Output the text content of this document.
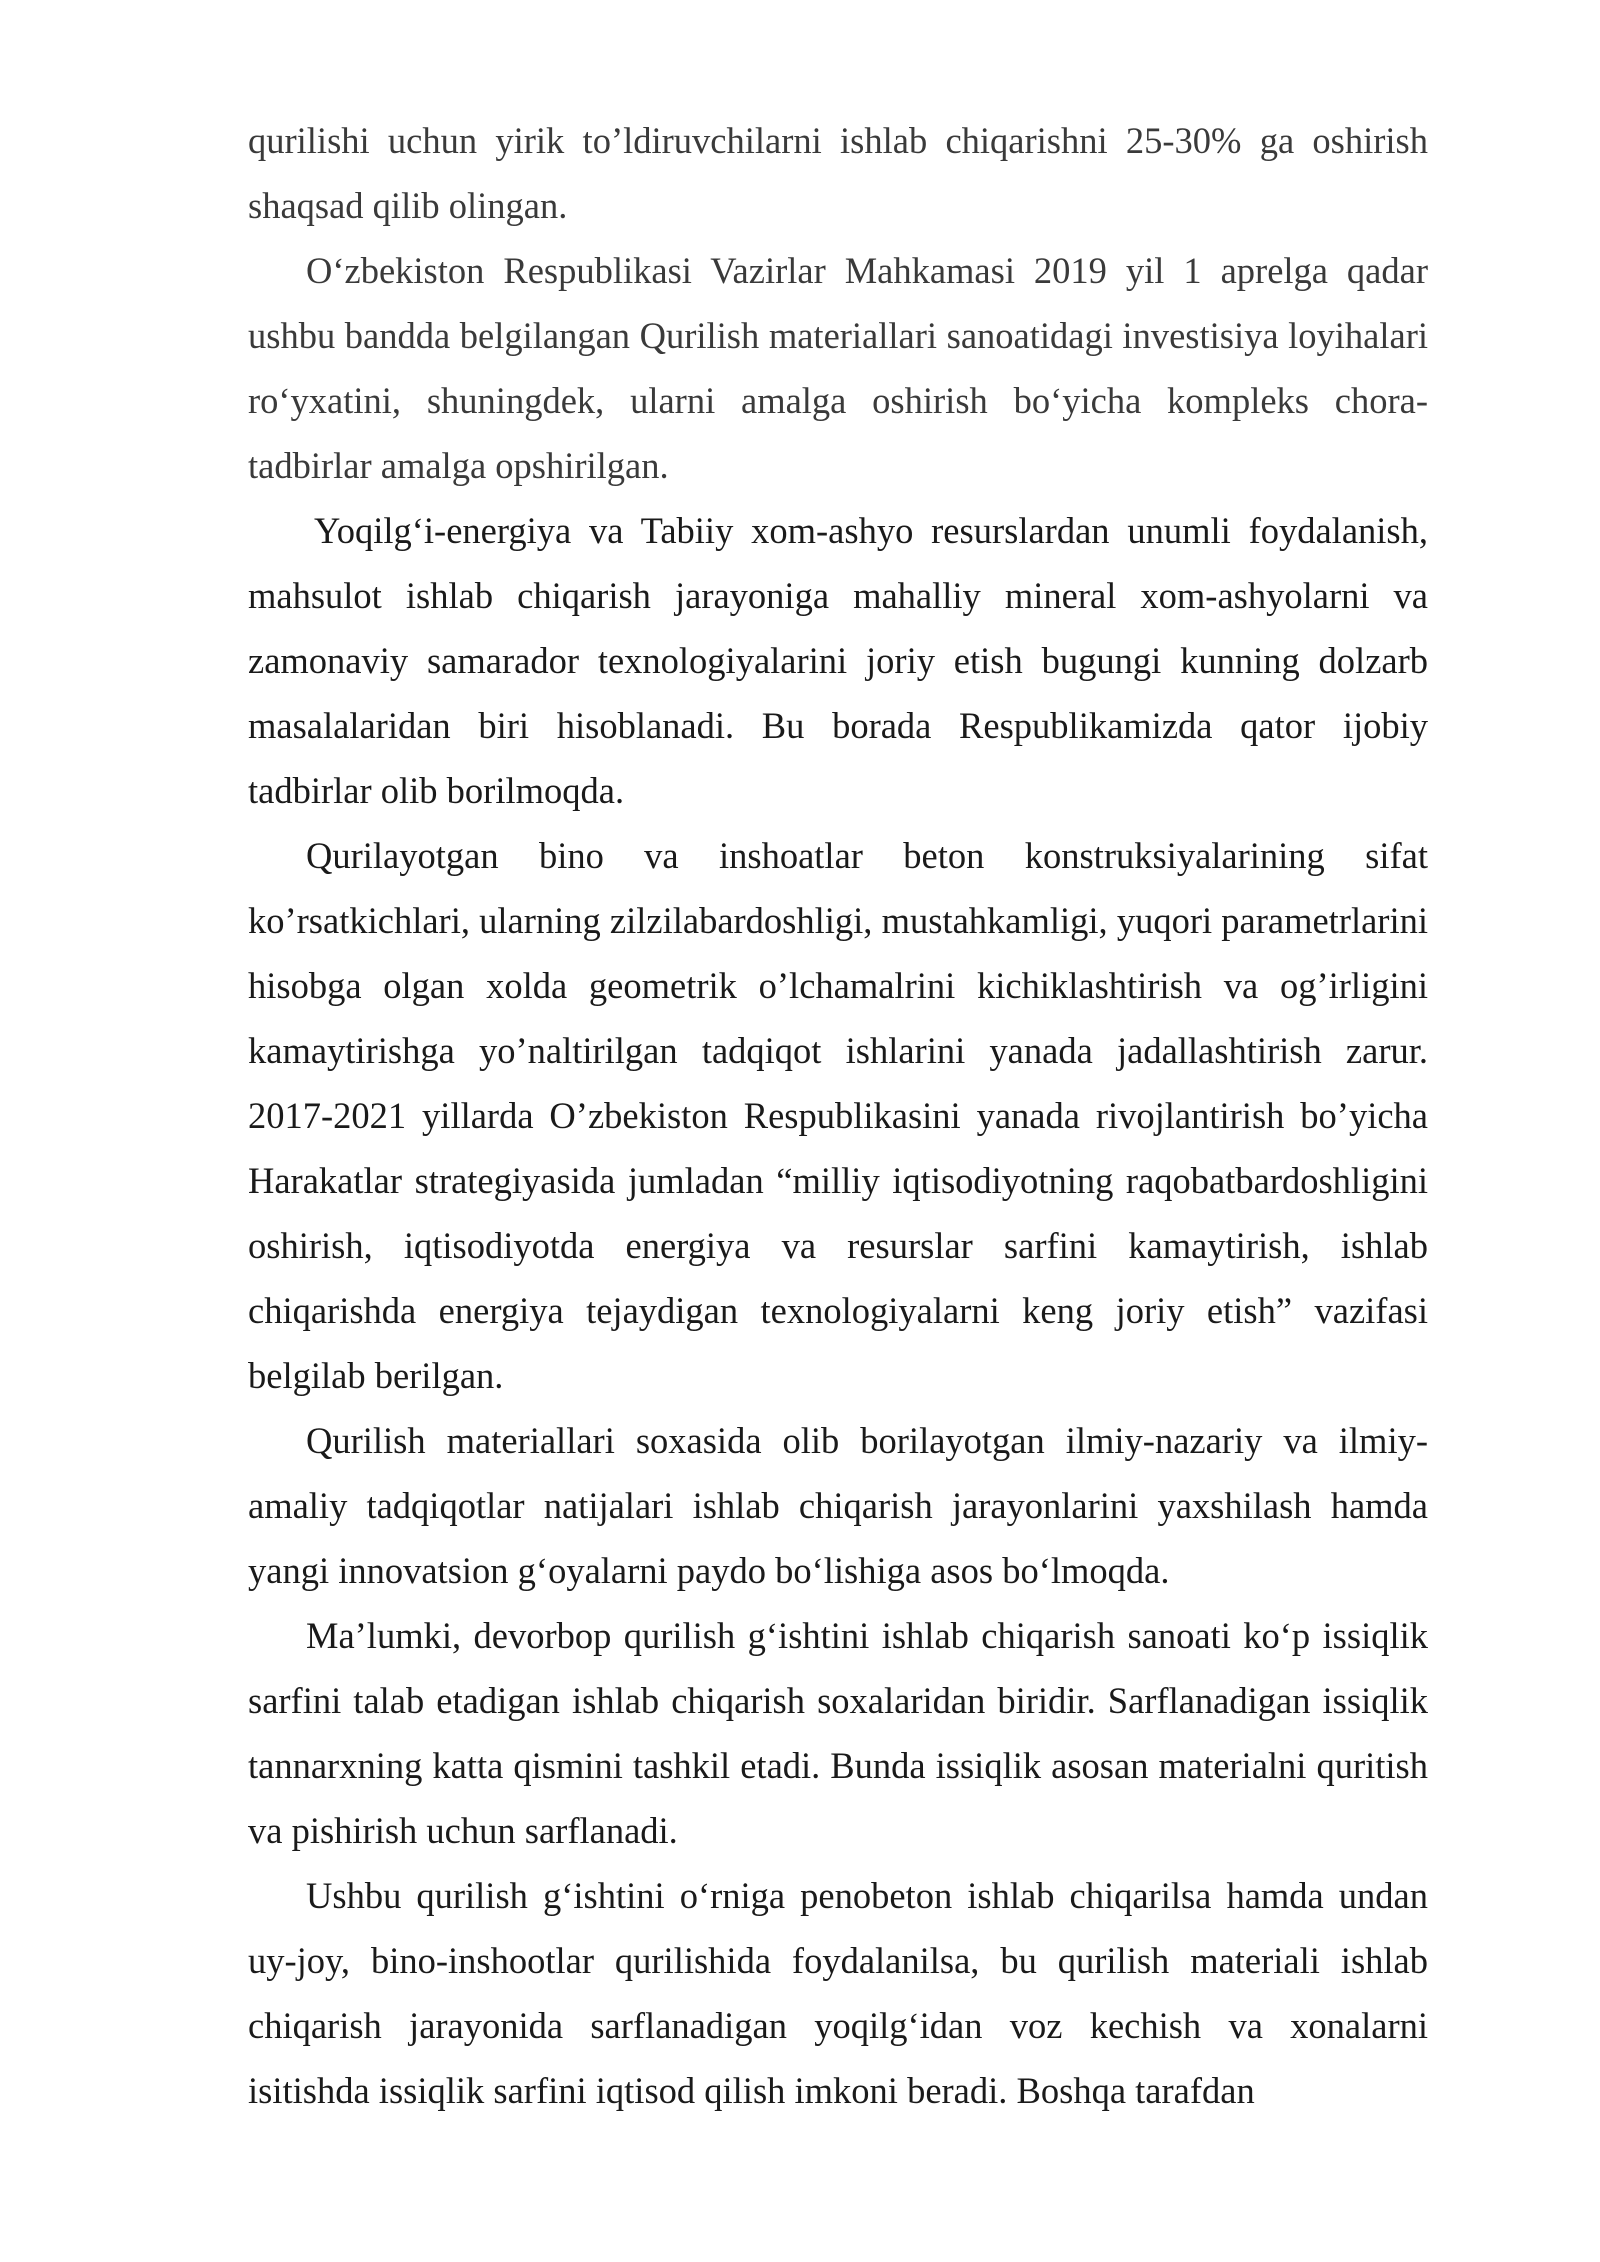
qurilishi uchun yirik to’ldiruvchilarni ishlab chiqarishni 25-30% ga oshirish shaqsad qilib olingan.

O‘zbekiston Respublikasi Vazirlar Mahkamasi 2019 yil 1 aprelga qadar ushbu bandda belgilangan Qurilish materiallari sanoatidagi investisiya loyihalari ro‘yxatini, shuningdek, ularni amalga oshirish bo‘yicha kompleks chora-tadbirlar amalga opshirilgan.

Yoqilg‘i-energiya va Tabiiy xom-ashyo resurslardan unumli foydalanish, mahsulot ishlab chiqarish jarayoniga mahalliy mineral xom-ashyolarni va zamonaviy samarador texnologiyalarini joriy etish bugungi kunning dolzarb masalalaridan biri hisoblanadi. Bu borada Respublikamizda qator ijobiy tadbirlar olib borilmoqda.

Qurilayotgan bino va inshoatlar beton konstruksiyalarining sifat ko’rsatkichlari, ularning zilzilabardoshligi, mustahkamligi, yuqori parametrlarini hisobga olgan xolda geometrik o’lchamalrini kichiklashtirish va og’irligini kamaytirishga yo’naltirilgan tadqiqot ishlarini yanada jadallashtirish zarur. 2017-2021 yillarda O’zbekiston Respublikasini yanada rivojlantirish bo’yicha Harakatlar strategiyasida jumladan “milliy iqtisodiyotning raqobatbardoshligini oshirish, iqtisodiyotda energiya va resurslar sarfini kamaytirish, ishlab chiqarishda energiya tejaydigan texnologiyalarni keng joriy etish” vazifasi belgilab berilgan.

Qurilish materiallari soxasida olib borilayotgan ilmiy-nazariy va ilmiy-amaliy tadqiqotlar natijalari ishlab chiqarish jarayonlarini yaxshilash hamda yangi innovatsion g‘oyalarni paydo bo‘lishiga asos bo‘lmoqda.

Ma’lumki, devorbop qurilish g‘ishtini ishlab chiqarish sanoati ko‘p issiqlik sarfini talab etadigan ishlab chiqarish soxalaridan biridir. Sarflanadigan issiqlik tannarxning katta qismini tashkil etadi. Bunda issiqlik asosan materialni quritish va pishirish uchun sarflanadi.

Ushbu qurilish g‘ishtini o‘rniga penobeton ishlab chiqarilsa hamda undan uy-joy, bino-inshootlar qurilishida foydalanilsa, bu qurilish materiali ishlab chiqarish jarayonida sarflanadigan yoqilg‘idan voz kechish va xonalarni isitishda issiqlik sarfini iqtisod qilish imkoni beradi. Boshqa tarafdan
